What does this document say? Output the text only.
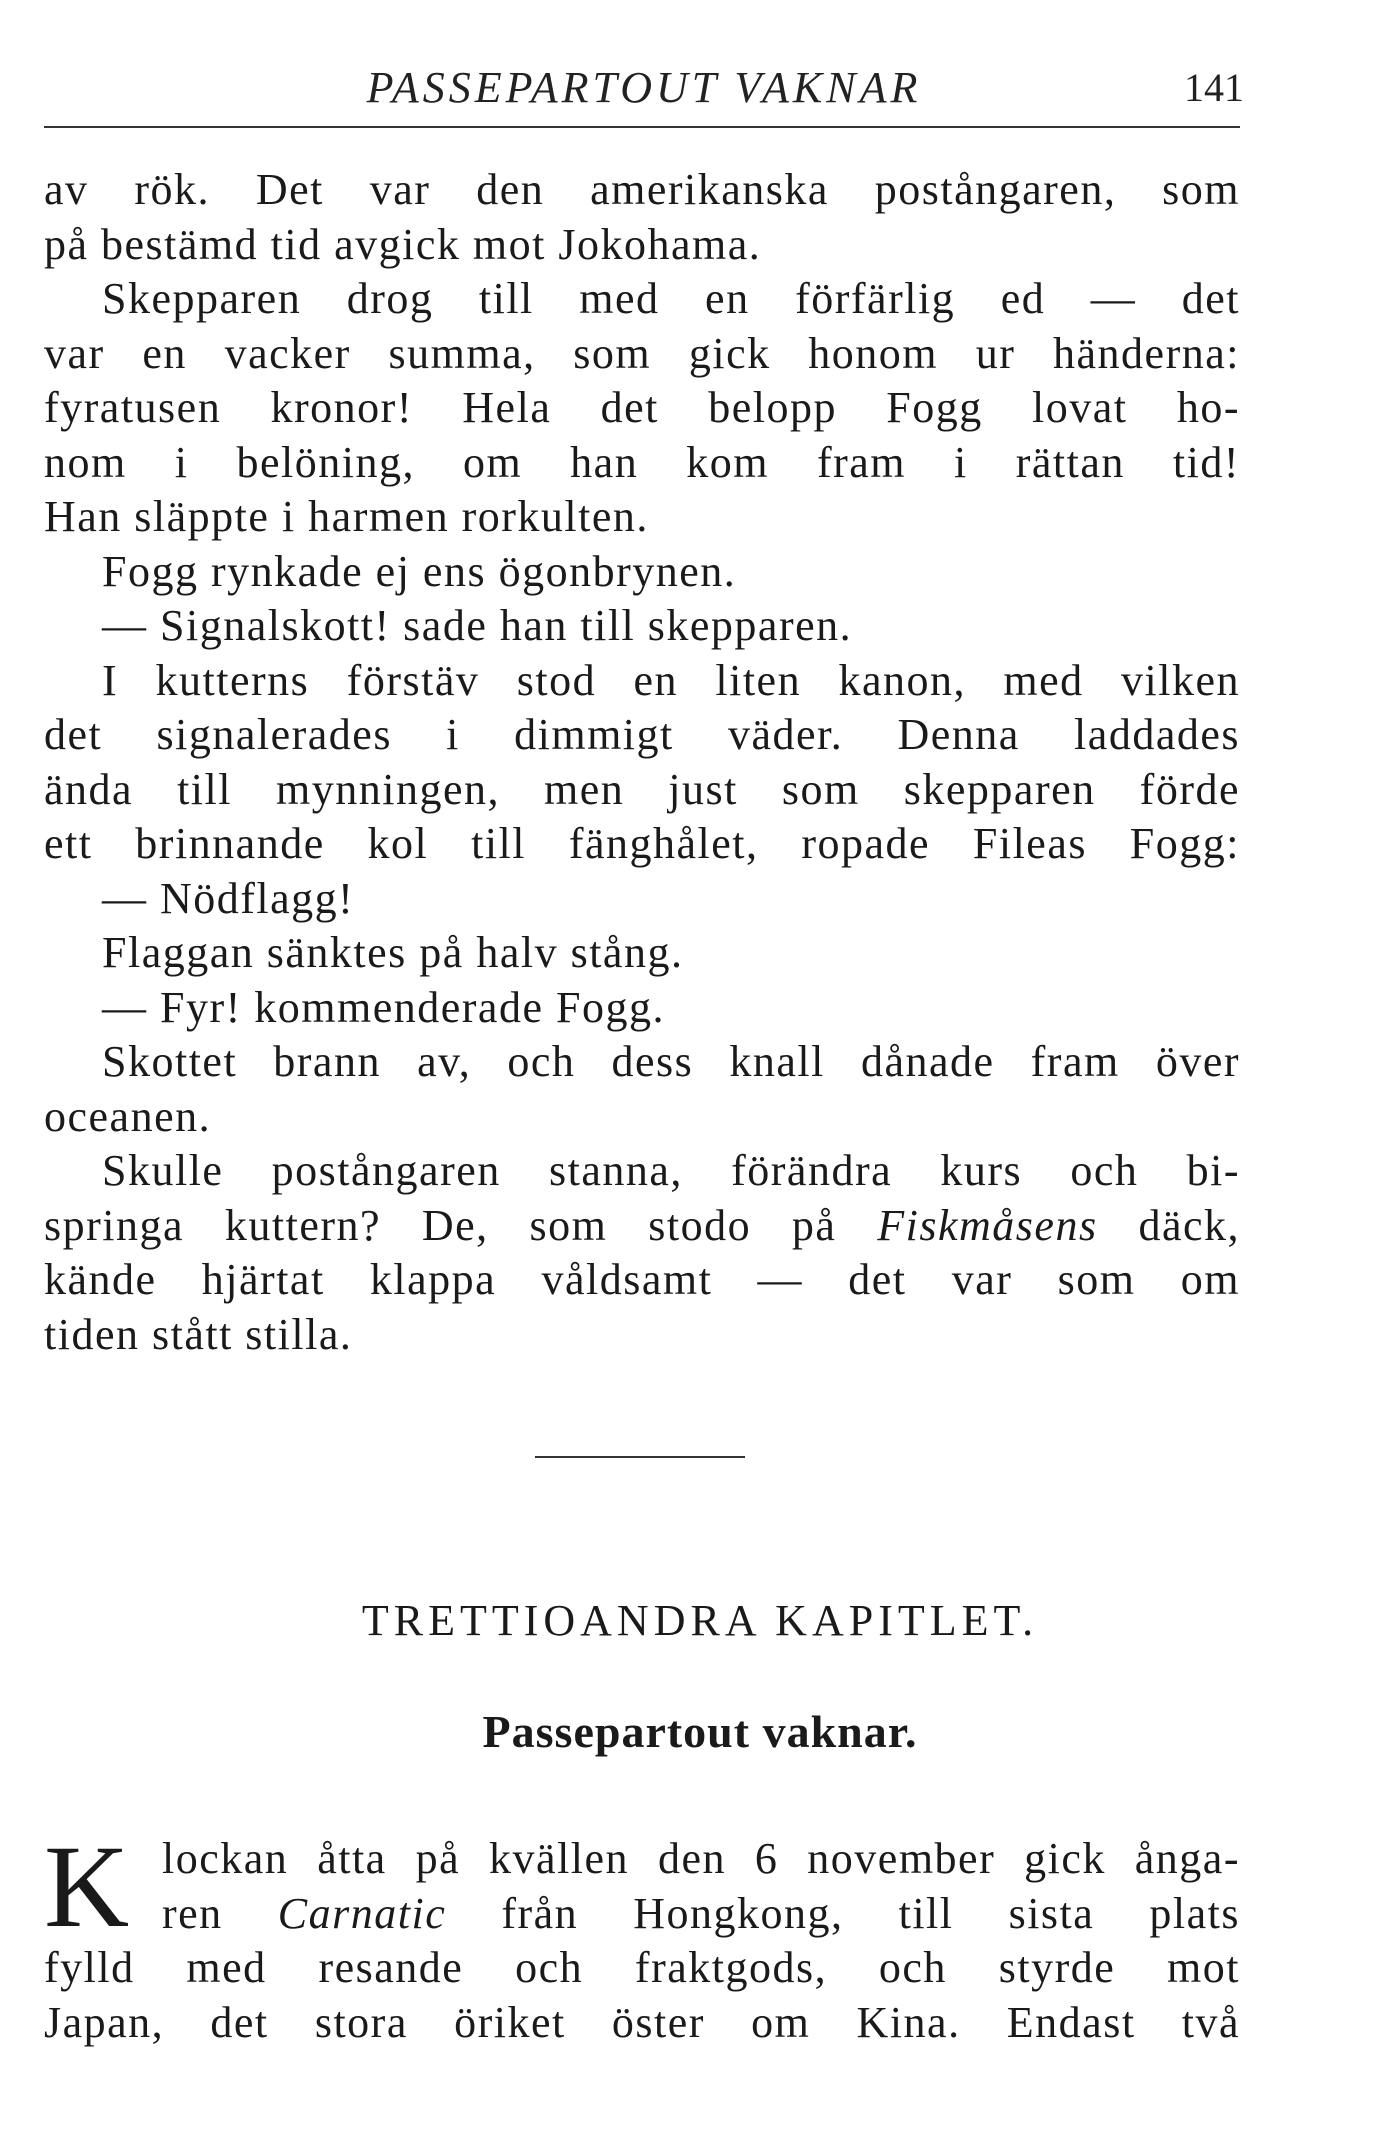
PASSEPARTOUT VAKNAR	141
av rök. Det var den amerikanska postångaren, som
på bestämd tid avgick mot Jokohama.
Skepparen drog till med en förfärlig ed — det
var en vacker summa, som gick honom ur händerna:
fyratusen kronor! Hela det belopp Fogg lovat ho-
nom i belöning, om han kom fram i rättan tid!
Han släppte i harmen rorkulten.
Fogg rynkade ej ens ögonbrynen.
— Signalskott! sade han till skepparen.
I kutterns förstäv stod en liten kanon, med vilken
det signalerades i dimmigt väder. Denna laddades
ända till mynningen, men just som skepparen förde
ett brinnande kol till fänghålet, ropade Fileas Fogg:
— Nödflagg!
Flaggan sänktes på halv stång.
— Fyr! kommenderade Fogg.
Skottet brann av, och dess knall dånade fram över
oceanen.
Skulle postångaren stanna, förändra kurs och bi-
springa kuttern? De, som stodo på Fiskmåsens däck,
kände hjärtat klappa våldsamt — det var som om
tiden stått stilla.
TRETTIOANDRA KAPITLET.
Passepartout vaknar.
K lockan åtta på kvällen den 6 november gick ånga-
ren Carnatic från Hongkong, till sista plats
fylld med resande och fraktgods, och styrde mot
Japan, det stora öriket öster om Kina. Endast två
